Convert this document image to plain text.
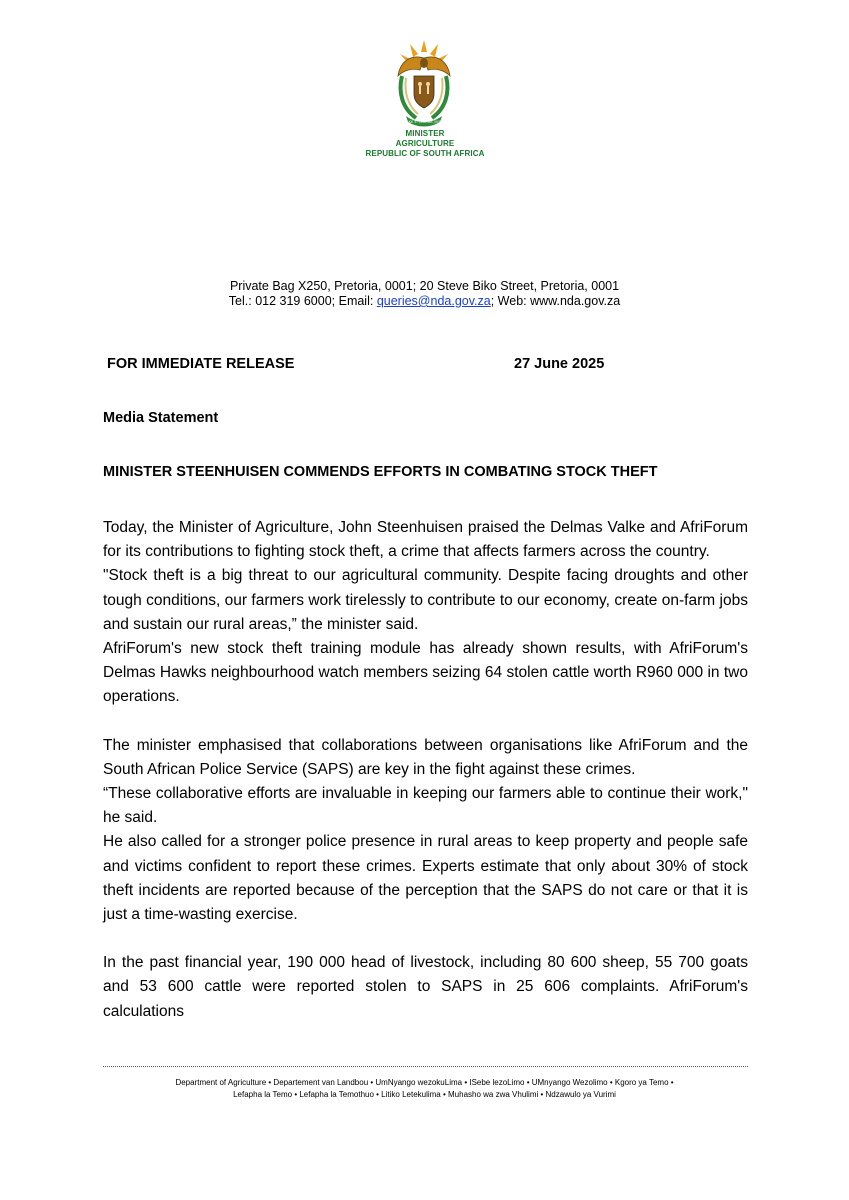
!KE E: /XARRA //KE
MINISTER
AGRICULTURE
REPUBLIC OF SOUTH AFRICA
Private Bag X250, Pretoria, 0001; 20 Steve Biko Street, Pretoria, 0001
Tel.: 012 319 6000; Email: queries@nda.gov.za; Web: www.nda.gov.za
FOR IMMEDIATE RELEASE	27 June 2025
Media Statement
MINISTER STEENHUISEN COMMENDS EFFORTS IN COMBATING STOCK THEFT

Today, the Minister of Agriculture, John Steenhuisen praised the Delmas Valke and AfriForum for its contributions to fighting stock theft, a crime that affects farmers across the country.

"Stock theft is a big threat to our agricultural community. Despite facing droughts and other tough conditions, our farmers work tirelessly to contribute to our economy, create on-farm jobs and sustain our rural areas,” the minister said.

AfriForum's new stock theft training module has already shown results, with AfriForum's Delmas Hawks neighbourhood watch members seizing 64 stolen cattle worth R960 000 in two operations.

The minister emphasised that collaborations between organisations like AfriForum and the South African Police Service (SAPS) are key in the fight against these crimes.

“These collaborative efforts are invaluable in keeping our farmers able to continue their work," he said.

He also called for a stronger police presence in rural areas to keep property and people safe and victims confident to report these crimes. Experts estimate that only about 30% of stock theft incidents are reported because of the perception that the SAPS do not care or that it is just a time-wasting exercise.

In the past financial year, 190 000 head of livestock, including 80 600 sheep, 55 700 goats and 53 600 cattle were reported stolen to SAPS in 25 606 complaints. AfriForum's calculations

Department of Agriculture • Departement van Landbou • UmNyango wezokuLima • ISebe lezoLimo • UMnyango Wezolimo • Kgoro ya Temo •
Lefapha la Temo • Lefapha la Temothuo • Litiko Letekulima • Muhasho wa zwa Vhulimi • Ndzawulo ya Vurimi
